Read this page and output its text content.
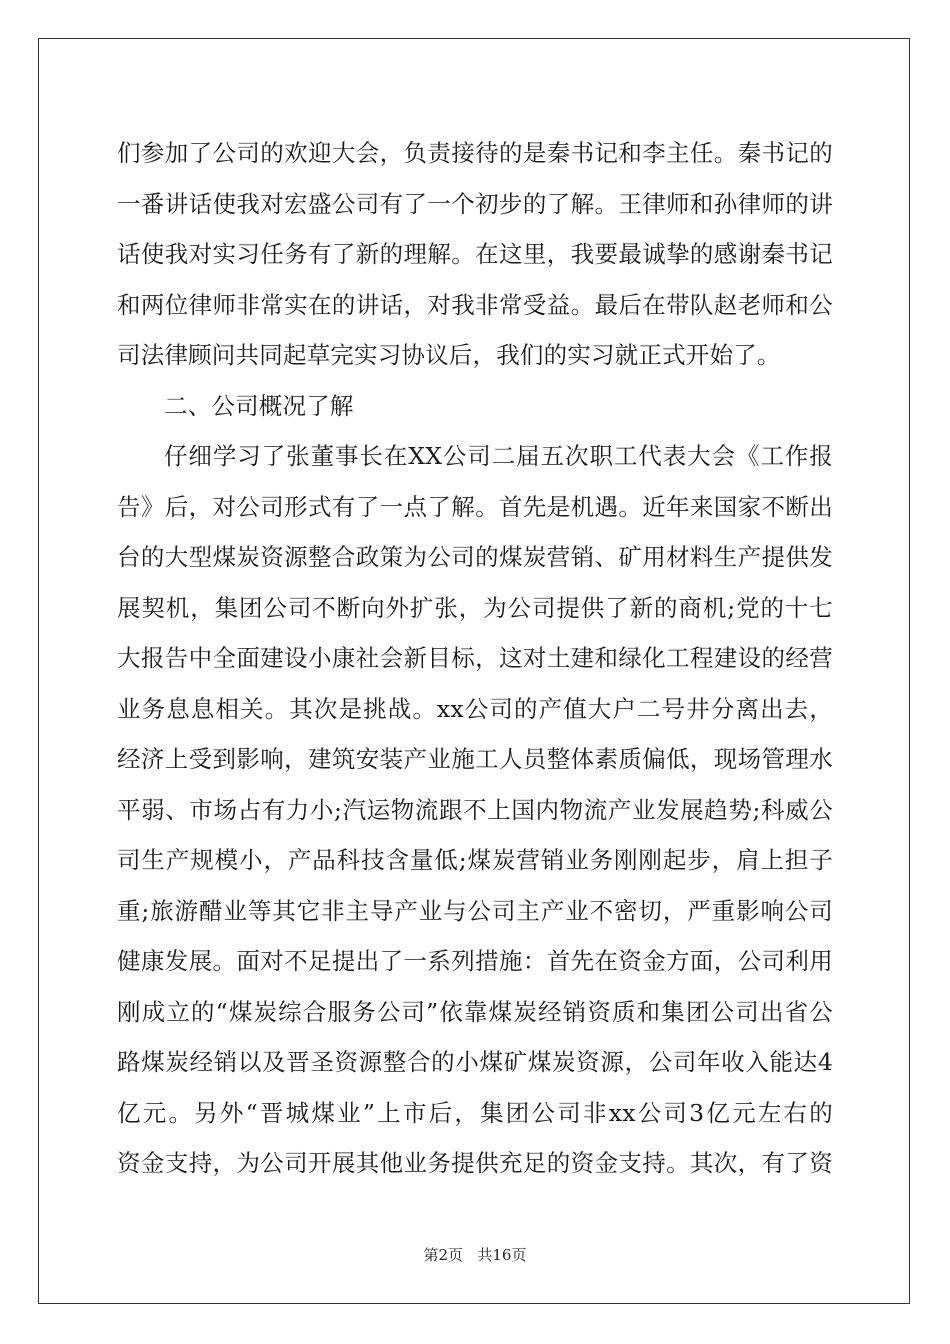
们参加了公司的欢迎大会，负责接待的是秦书记和李主任。秦书记的
一番讲话使我对宏盛公司有了一个初步的了解。王律师和孙律师的讲
话使我对实习任务有了新的理解。在这里，我要最诚挚的感谢秦书记
和两位律师非常实在的讲话，对我非常受益。最后在带队赵老师和公
司法律顾问共同起草完实习协议后，我们的实习就正式开始了。
二、公司概况了解
仔细学习了张董事长在XX公司二届五次职工代表大会《工作报
告》后，对公司形式有了一点了解。首先是机遇。近年来国家不断出
台的大型煤炭资源整合政策为公司的煤炭营销、矿用材料生产提供发
展契机，集团公司不断向外扩张，为公司提供了新的商机;党的十七
大报告中全面建设小康社会新目标，这对土建和绿化工程建设的经营
业务息息相关。其次是挑战。xx公司的产值大户二号井分离出去，
经济上受到影响，建筑安装产业施工人员整体素质偏低，现场管理水
平弱、市场占有力小;汽运物流跟不上国内物流产业发展趋势;科威公
司生产规模小，产品科技含量低;煤炭营销业务刚刚起步，肩上担子
重;旅游醋业等其它非主导产业与公司主产业不密切，严重影响公司
健康发展。面对不足提出了一系列措施：首先在资金方面，公司利用
刚成立的“煤炭综合服务公司”依靠煤炭经销资质和集团公司出省公
路煤炭经销以及晋圣资源整合的小煤矿煤炭资源，公司年收入能达4
亿元。另外“晋城煤业”上市后，集团公司非xx公司3亿元左右的
资金支持，为公司开展其他业务提供充足的资金支持。其次，有了资
第2页 共16页
